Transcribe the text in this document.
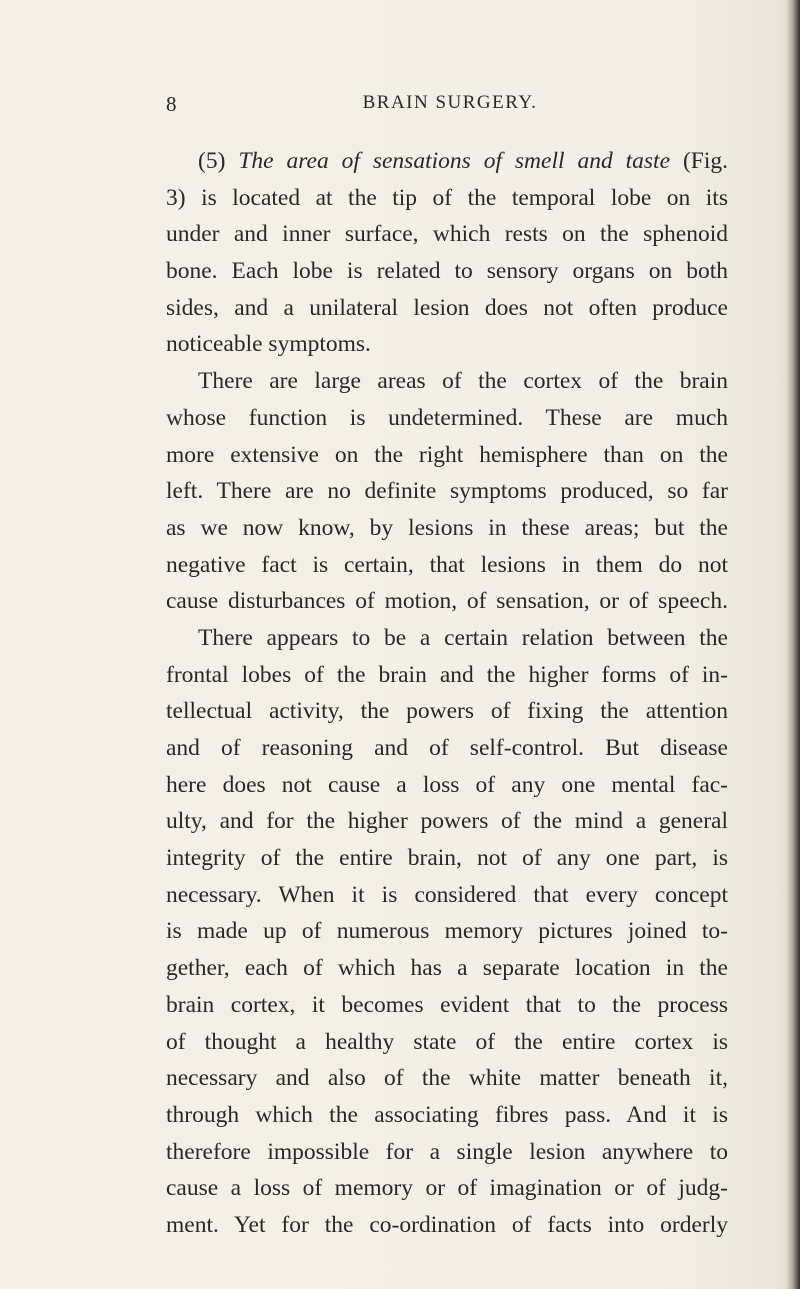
8	BRAIN SURGERY.
(5) The area of sensations of smell and taste (Fig.
3) is located at the tip of the temporal lobe on its
under and inner surface, which rests on the sphenoid
bone. Each lobe is related to sensory organs on both
sides, and a unilateral lesion does not often produce
noticeable symptoms.
There are large areas of the cortex of the brain
whose function is undetermined. These are much
more extensive on the right hemisphere than on the
left. There are no definite symptoms produced, so far
as we now know, by lesions in these areas; but the
negative fact is certain, that lesions in them do not
cause disturbances of motion, of sensation, or of speech.
There appears to be a certain relation between the
frontal lobes of the brain and the higher forms of in-
tellectual activity, the powers of fixing the attention
and of reasoning and of self-control. But disease
here does not cause a loss of any one mental fac-
ulty, and for the higher powers of the mind a general
integrity of the entire brain, not of any one part, is
necessary. When it is considered that every concept
is made up of numerous memory pictures joined to-
gether, each of which has a separate location in the
brain cortex, it becomes evident that to the process
of thought a healthy state of the entire cortex is
necessary and also of the white matter beneath it,
through which the associating fibres pass. And it is
therefore impossible for a single lesion anywhere to
cause a loss of memory or of imagination or of judg-
ment. Yet for the co-ordination of facts into orderly
